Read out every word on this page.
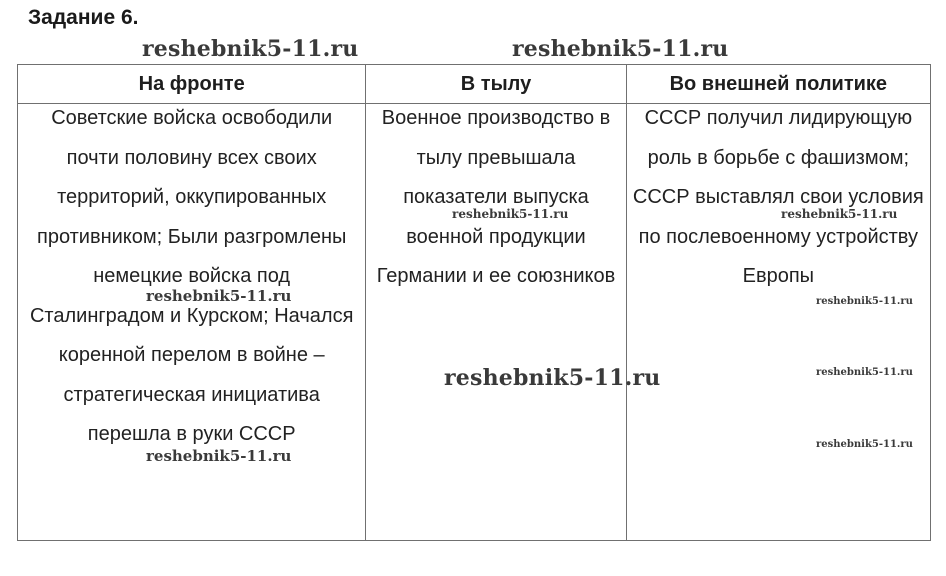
Задание 6.
На фронте	В тылу	Во внешней политике

Советские войска освободили почти половину всех своих территорий, оккупированных противником; Были разгромлены немецкие войска под Сталинградом и Курском; Начался коренной перелом в войне – стратегическая инициатива перешла в руки СССР	Военное производство в тылу превышала показатели выпуска военной продукции Германии и ее союзников	СССР получил лидирующую роль в борьбе с фашизмом; СССР выставлял свои условия по послевоенному устройству Европы
reshebnik5-11.ru	reshebnik5-11.ru
reshebnik5-11.ru
reshebnik5-11.ru
reshebnik5-11.ru
reshebnik5-11.ru	reshebnik5-11.ru
reshebnik5-11.ru
reshebnik5-11.ru
reshebnik5-11.ru
